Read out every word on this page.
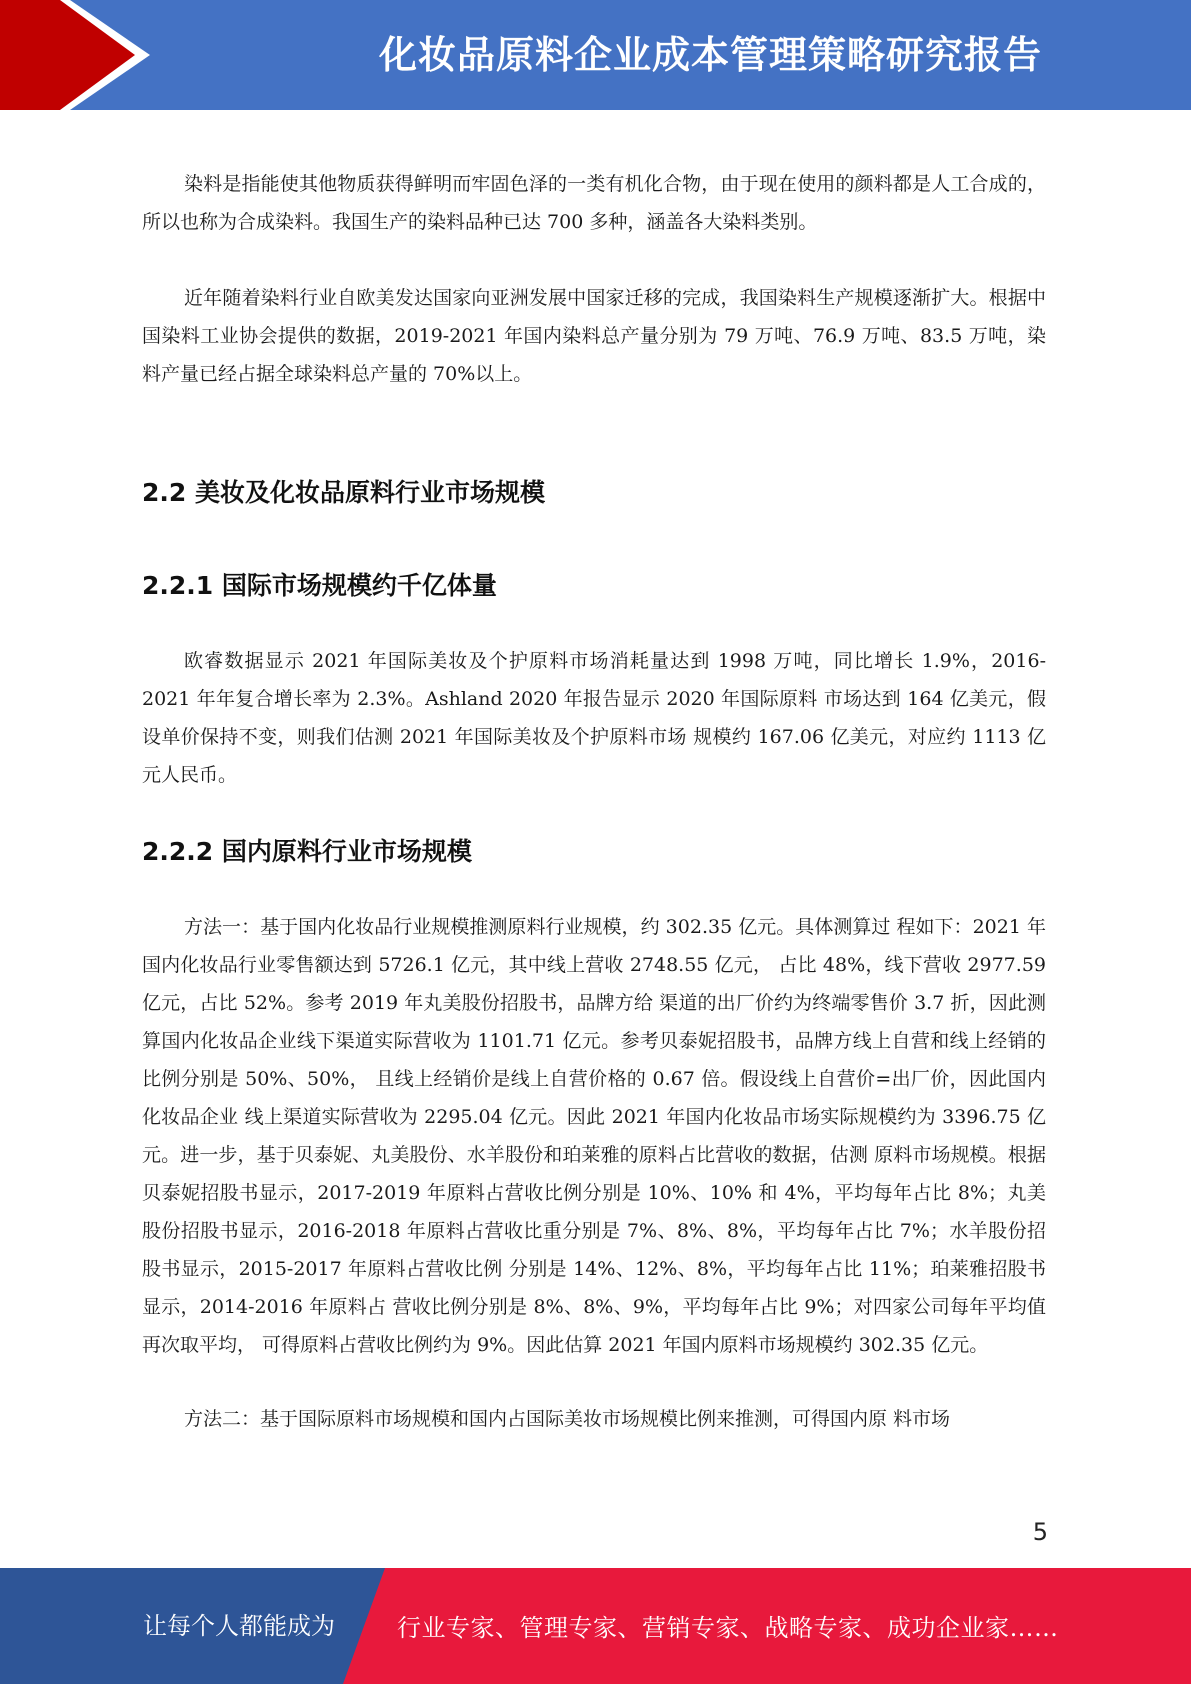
化妆品原料企业成本管理策略研究报告

染料是指能使其他物质获得鲜明而牢固色泽的一类有机化合物，由于现在使用的颜料都是人工合成的，所以也称为合成染料。我国生产的染料品种已达 700 多种，涵盖各大染料类别。

近年随着染料行业自欧美发达国家向亚洲发展中国家迁移的完成，我国染料生产规模逐渐扩大。根据中国染料工业协会提供的数据，2019-2021 年国内染料总产量分别为 79 万吨、76.9 万吨、83.5 万吨，染料产量已经占据全球染料总产量的 70%以上。

2.2 美妆及化妆品原料行业市场规模
2.2.1 国际市场规模约千亿体量

欧睿数据显示 2021 年国际美妆及个护原料市场消耗量达到 1998 万吨，同比增长 1.9%，2016-2021 年年复合增长率为 2.3%。Ashland 2020 年报告显示 2020 年国际原料 市场达到 164 亿美元，假设单价保持不变，则我们估测 2021 年国际美妆及个护原料市场 规模约 167.06 亿美元，对应约 1113 亿元人民币。

2.2.2 国内原料行业市场规模

方法一：基于国内化妆品行业规模推测原料行业规模，约 302.35 亿元。具体测算过 程如下：2021 年国内化妆品行业零售额达到 5726.1 亿元，其中线上营收 2748.55 亿元， 占比 48%，线下营收 2977.59 亿元，占比 52%。参考 2019 年丸美股份招股书，品牌方给 渠道的出厂价约为终端零售价 3.7 折，因此测算国内化妆品企业线下渠道实际营收为 1101.71 亿元。参考贝泰妮招股书，品牌方线上自营和线上经销的比例分别是 50%、50%， 且线上经销价是线上自营价格的 0.67 倍。假设线上自营价=出厂价，因此国内化妆品企业 线上渠道实际营收为 2295.04 亿元。因此 2021 年国内化妆品市场实际规模约为 3396.75 亿元。进一步，基于贝泰妮、丸美股份、水羊股份和珀莱雅的原料占比营收的数据，估测 原料市场规模。根据贝泰妮招股书显示，2017-2019 年原料占营收比例分别是 10%、10% 和 4%，平均每年占比 8%；丸美股份招股书显示，2016-2018 年原料占营收比重分别是 7%、8%、8%，平均每年占比 7%；水羊股份招股书显示，2015-2017 年原料占营收比例 分别是 14%、12%、8%，平均每年占比 11%；珀莱雅招股书显示，2014-2016 年原料占 营收比例分别是 8%、8%、9%，平均每年占比 9%；对四家公司每年平均值再次取平均， 可得原料占营收比例约为 9%。因此估算 2021 年国内原料市场规模约 302.35 亿元。

方法二：基于国际原料市场规模和国内占国际美妆市场规模比例来推测，可得国内原 料市场

5
让每个人都能成为	行业专家、管理专家、营销专家、战略专家、成功企业家……
